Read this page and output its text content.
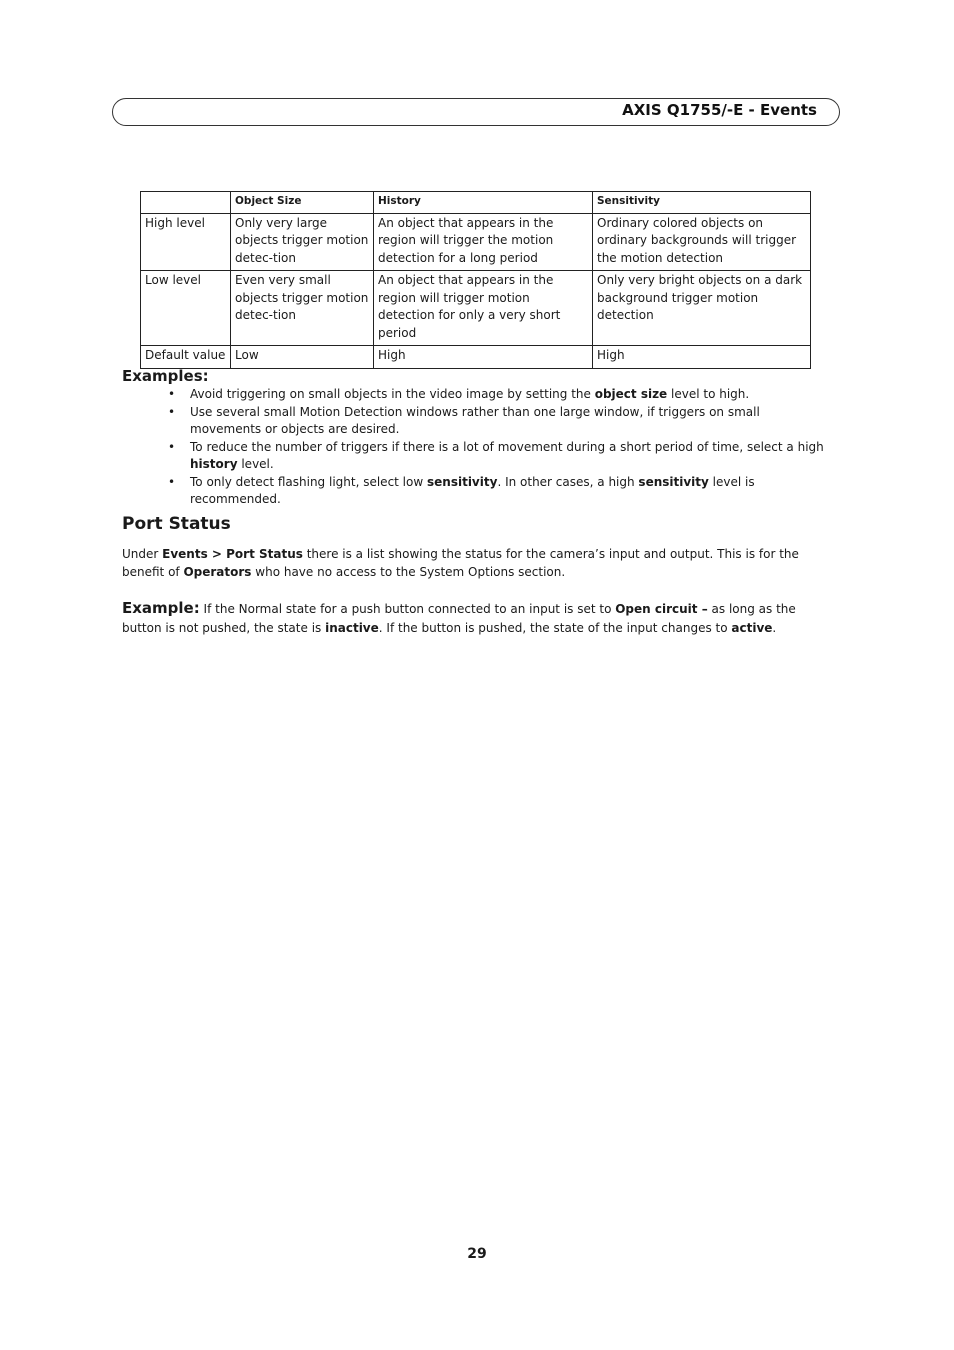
AXIS Q1755/-E - Events
	Object Size	History	Sensitivity
High level	Only very large objects trigger motion detec-tion	An object that appears in the region will trigger the motion detection for a long period	Ordinary colored objects on ordinary backgrounds will trigger the motion detection
Low level	Even very small objects trigger motion detec-tion	An object that appears in the region will trigger motion detection for only a very short period	Only very bright objects on a dark background trigger motion detection
Default value	Low	High	High
Examples:
• Avoid triggering on small objects in the video image by setting the object size level to high.
• Use several small Motion Detection windows rather than one large window, if triggers on small movements or objects are desired.
• To reduce the number of triggers if there is a lot of movement during a short period of time, select a high history level.
• To only detect flashing light, select low sensitivity. In other cases, a high sensitivity level is recommended.
Port Status

Under Events > Port Status there is a list showing the status for the camera’s input and output. This is for the benefit of Operators who have no access to the System Options section.

Example: If the Normal state for a push button connected to an input is set to Open circuit – as long as the button is not pushed, the state is inactive. If the button is pushed, the state of the input changes to active.

29
